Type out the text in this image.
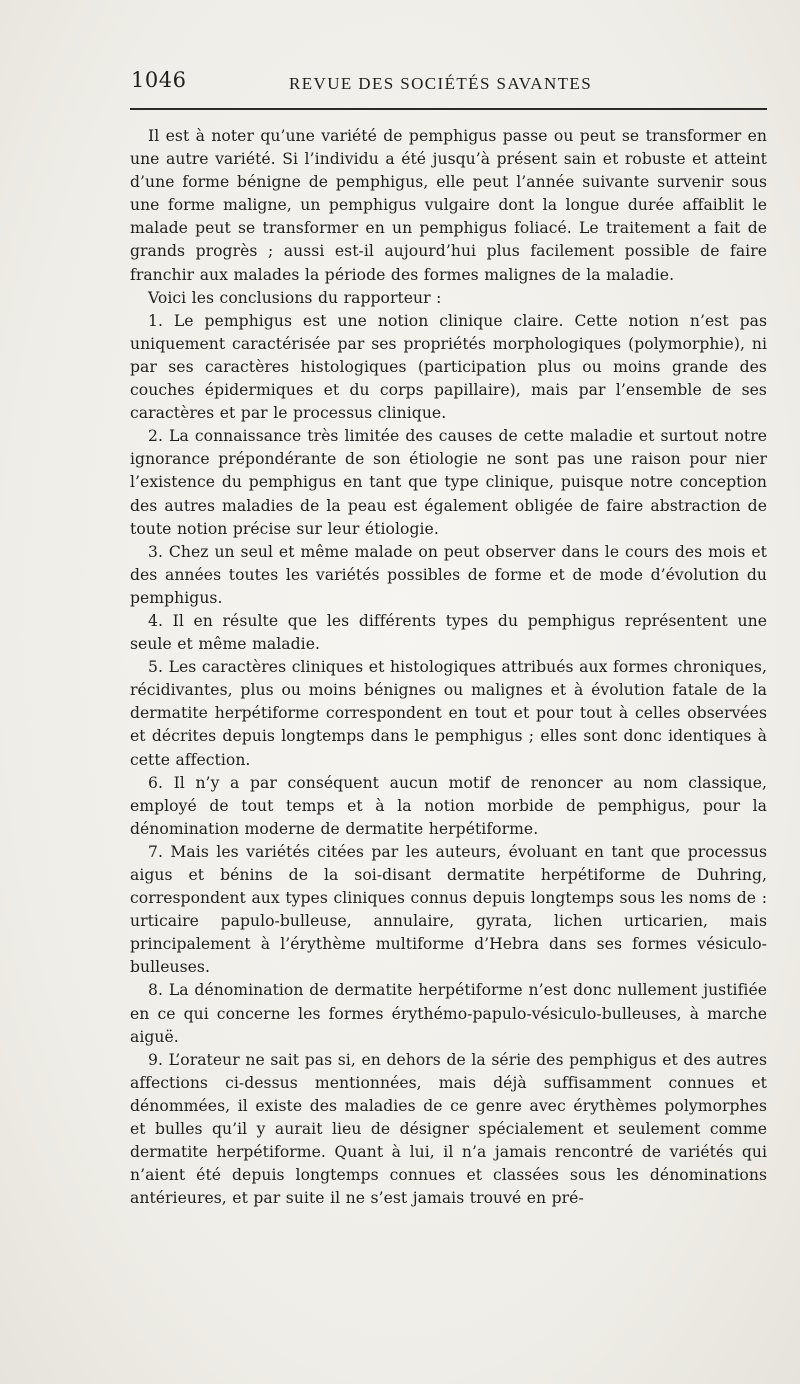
1046	REVUE DES SOCIÉTÉS SAVANTES

Il est à noter qu’une variété de pemphigus passe ou peut se transformer en une autre variété. Si l’individu a été jusqu’à présent sain et robuste et atteint d’une forme bénigne de pemphigus, elle peut l’année suivante survenir sous une forme maligne, un pemphigus vulgaire dont la longue durée affaiblit le malade peut se transformer en un pemphigus foliacé. Le traitement a fait de grands progrès ; aussi est-il aujourd’hui plus facilement possible de faire franchir aux malades la période des formes malignes de la maladie.

Voici les conclusions du rapporteur :

1. Le pemphigus est une notion clinique claire. Cette notion n’est pas uniquement caractérisée par ses propriétés morphologiques (polymorphie), ni par ses caractères histologiques (participation plus ou moins grande des couches épidermiques et du corps papillaire), mais par l’ensemble de ses caractères et par le processus clinique.

2. La connaissance très limitée des causes de cette maladie et surtout notre ignorance prépondérante de son étiologie ne sont pas une raison pour nier l’existence du pemphigus en tant que type clinique, puisque notre conception des autres maladies de la peau est également obligée de faire abstraction de toute notion précise sur leur étiologie.

3. Chez un seul et même malade on peut observer dans le cours des mois et des années toutes les variétés possibles de forme et de mode d’évolution du pemphigus.

4. Il en résulte que les différents types du pemphigus représentent une seule et même maladie.

5. Les caractères cliniques et histologiques attribués aux formes chroniques, récidivantes, plus ou moins bénignes ou malignes et à évolution fatale de la dermatite herpétiforme correspondent en tout et pour tout à celles observées et décrites depuis longtemps dans le pemphigus ; elles sont donc identiques à cette affection.

6. Il n’y a par conséquent aucun motif de renoncer au nom classique, employé de tout temps et à la notion morbide de pemphigus, pour la dénomination moderne de dermatite herpétiforme.

7. Mais les variétés citées par les auteurs, évoluant en tant que processus aigus et bénins de la soi-disant dermatite herpétiforme de Duhring, correspondent aux types cliniques connus depuis longtemps sous les noms de : urticaire papulo-bulleuse, annulaire, gyrata, lichen urticarien, mais principalement à l’érythème multiforme d’Hebra dans ses formes vésiculo-bulleuses.

8. La dénomination de dermatite herpétiforme n’est donc nullement justifiée en ce qui concerne les formes érythémo-papulo-vésiculo-bulleuses, à marche aiguë.

9. L’orateur ne sait pas si, en dehors de la série des pemphigus et des autres affections ci-dessus mentionnées, mais déjà suffisamment connues et dénommées, il existe des maladies de ce genre avec érythèmes polymorphes et bulles qu’il y aurait lieu de désigner spécialement et seulement comme dermatite herpétiforme. Quant à lui, il n’a jamais rencontré de variétés qui n’aient été depuis longtemps connues et classées sous les dénominations antérieures, et par suite il ne s’est jamais trouvé en pré-
